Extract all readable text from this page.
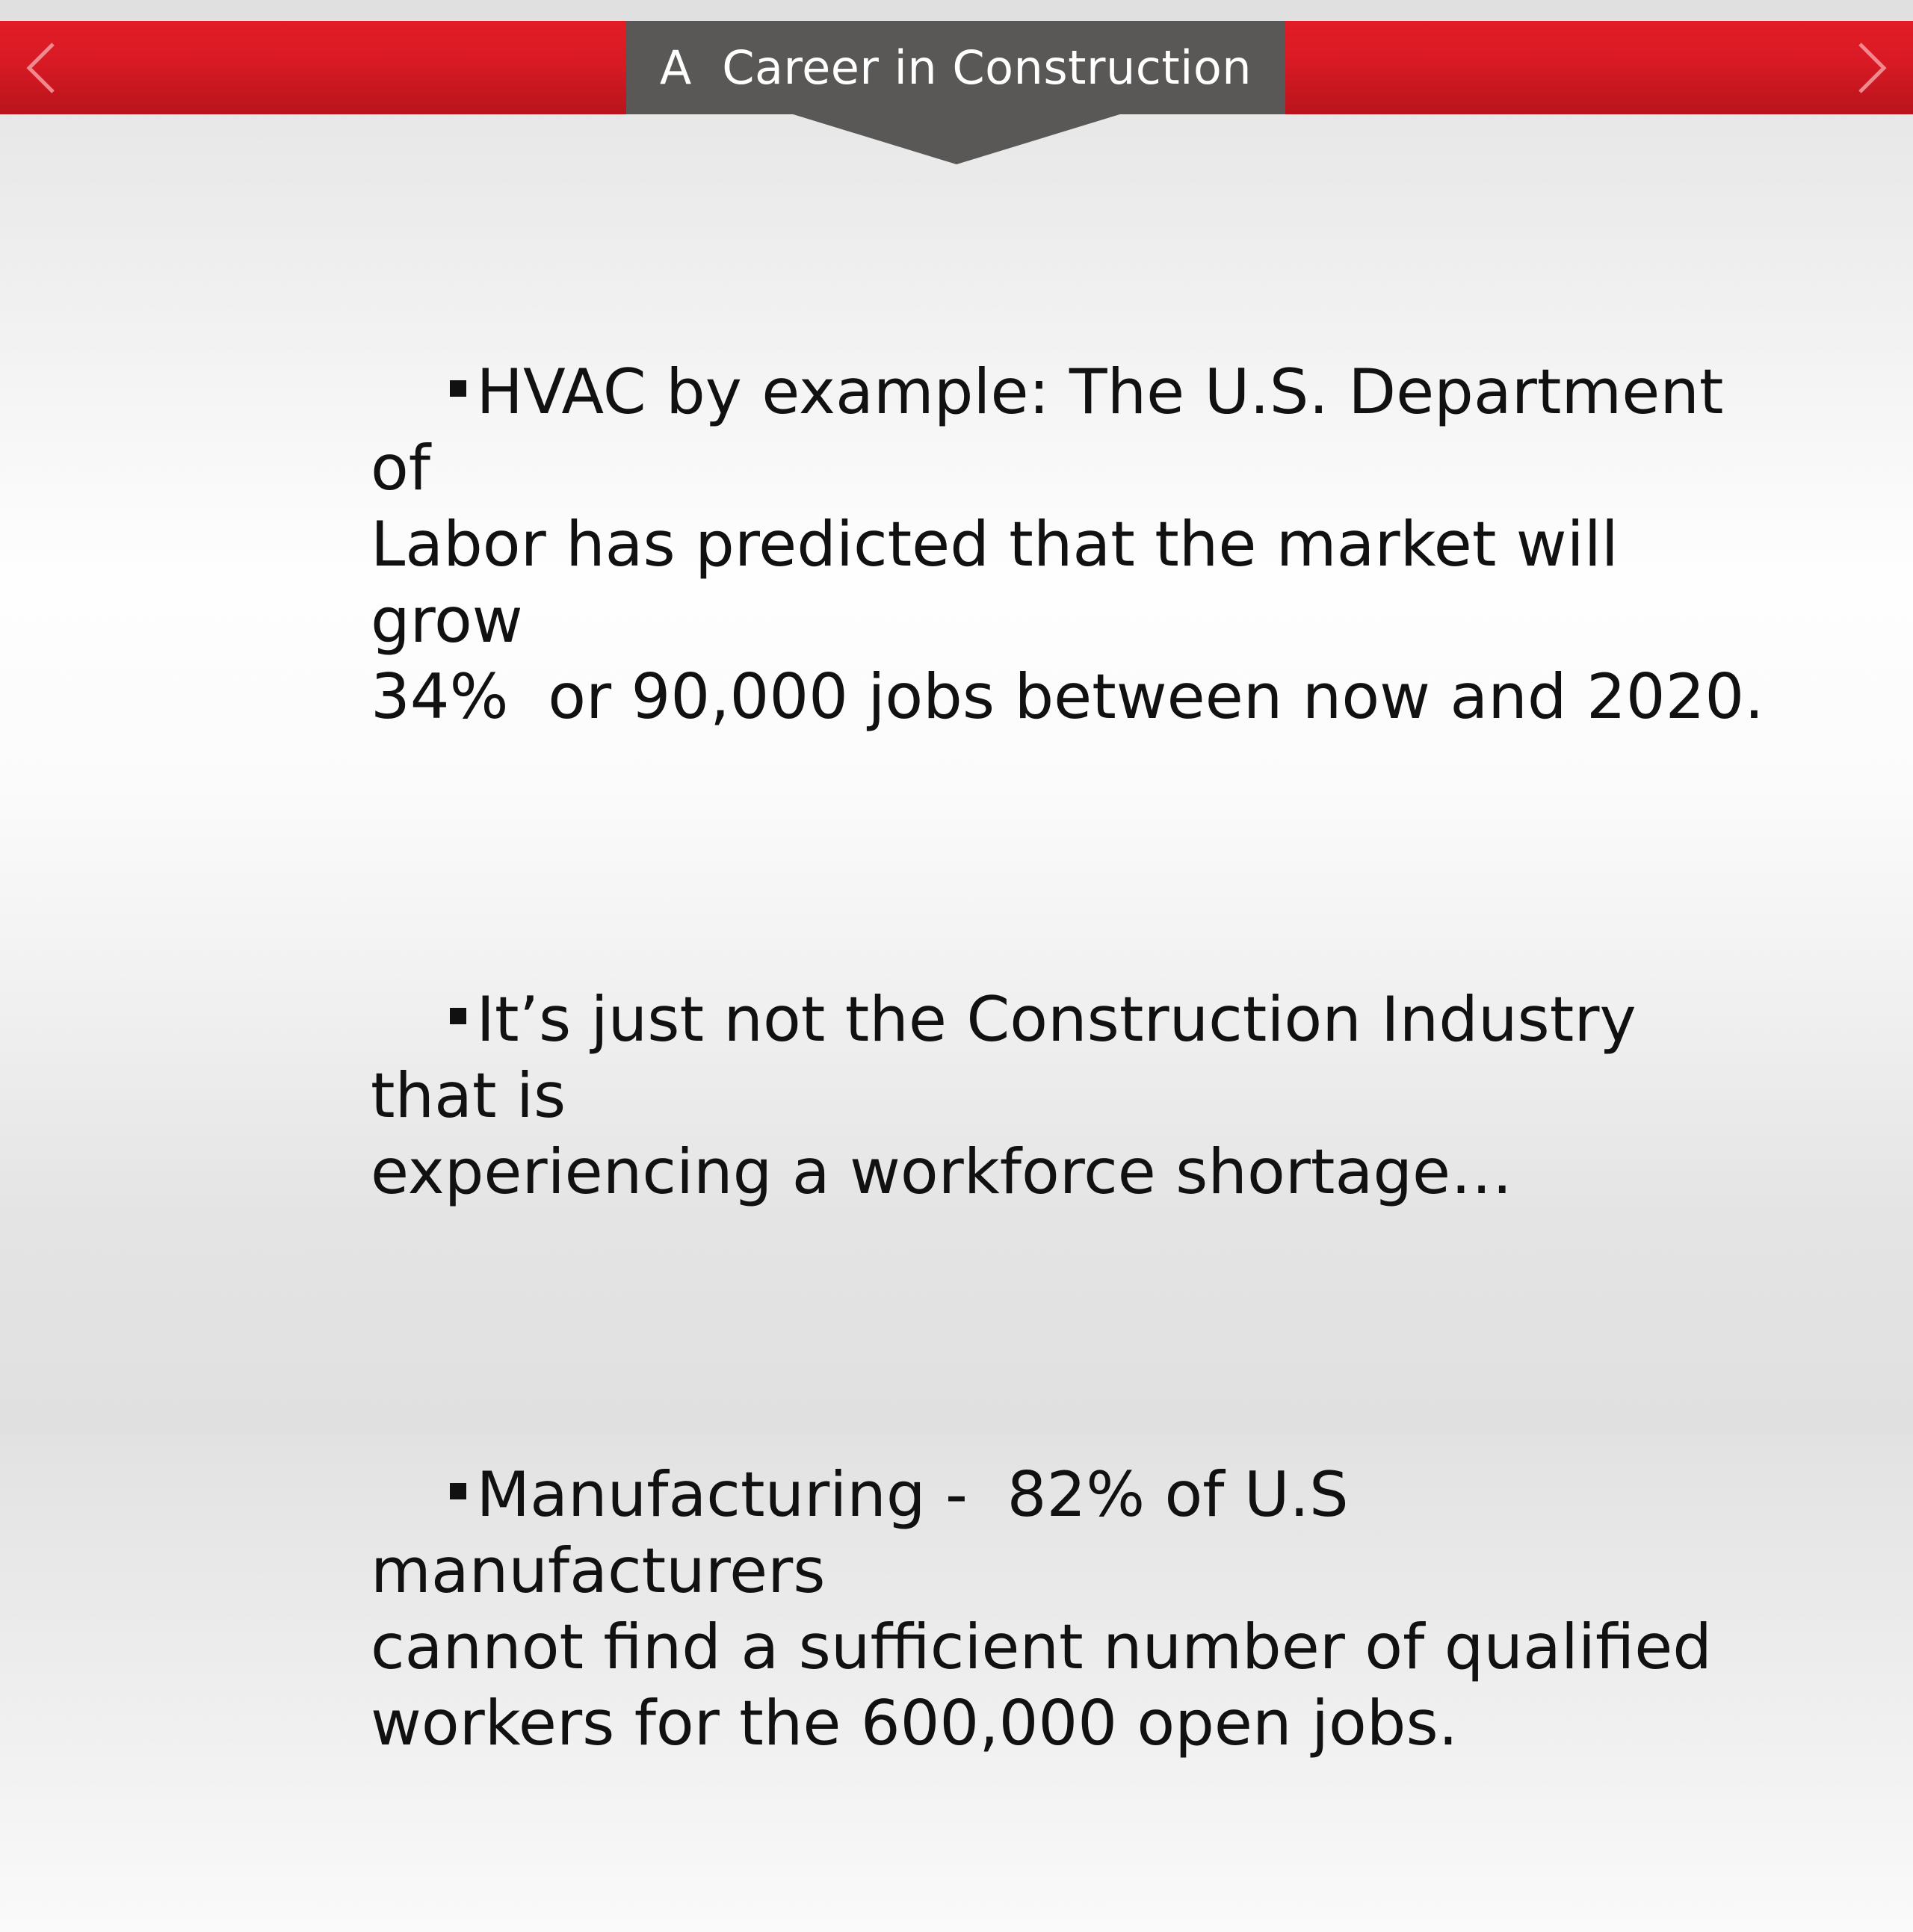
A  Career in Construction

HVAC by example: The U.S. Department of
Labor has predicted that the market will grow
34%  or 90,000 jobs between now and 2020.

It’s just not the Construction Industry that is
experiencing a workforce shortage…

Manufacturing -  82% of U.S manufacturers
cannot find a sufficient number of qualified
workers for the 600,000 open jobs.
